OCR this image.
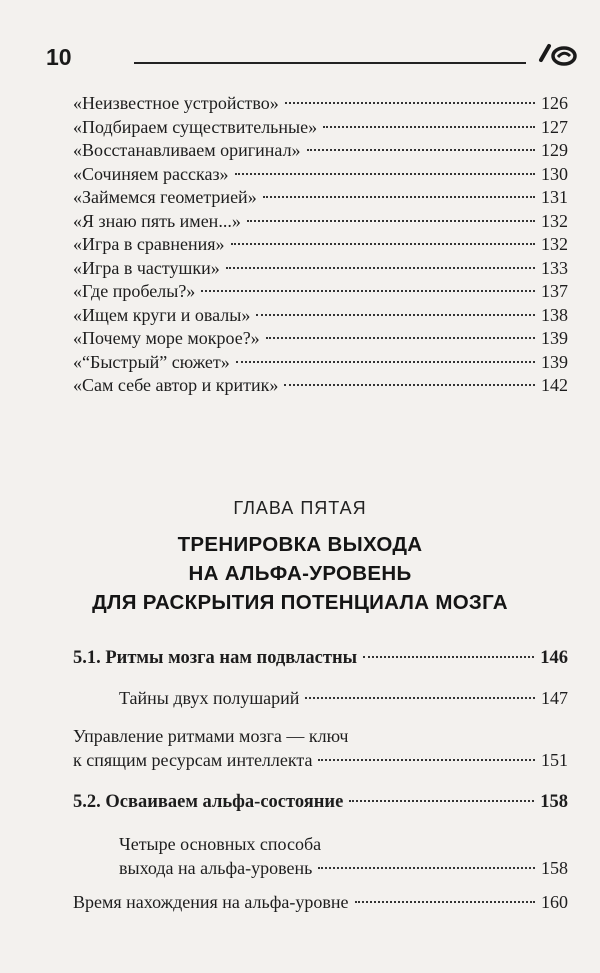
10
«Неизвестное устройство»	126
«Подбираем существительные»	127
«Восстанавливаем оригинал»	129
«Сочиняем рассказ»	130
«Займемся геометрией»	131
«Я знаю пять имен...»	132
«Игра в сравнения»	132
«Игра в частушки»	133
«Где пробелы?»	137
«Ищем круги и овалы»	138
«Почему море мокрое?»	139
«“Быстрый” сюжет»	139
«Сам себе автор и критик»	142
ГЛАВА ПЯТАЯ
ТРЕНИРОВКА ВЫХОДА
НА АЛЬФА-УРОВЕНЬ
ДЛЯ РАСКРЫТИЯ ПОТЕНЦИАЛА МОЗГА
5.1. Ритмы мозга нам подвластны	146
Тайны двух полушарий	147
Управление ритмами мозга — ключ
к спящим ресурсам интеллекта	151
5.2. Осваиваем альфа-состояние	158
Четыре основных способа
выхода на альфа-уровень	158
Время нахождения на альфа-уровне	160
